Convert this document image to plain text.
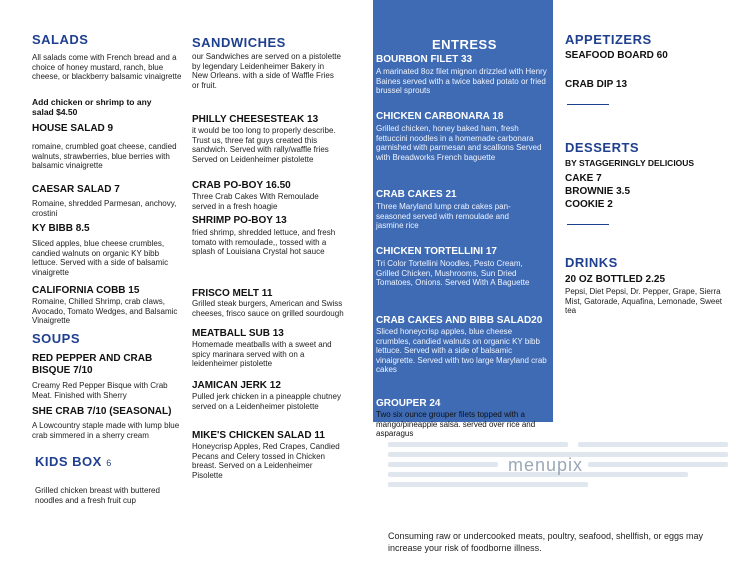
SALADS
All salads come with French bread and a choice of honey mustard, ranch, blue cheese, or blackberry balsamic vinaigrette
Add chicken or shrimp to any salad $4.50
HOUSE SALAD 9
romaine, crumbled goat cheese, candied walnuts, strawberries, blue berries with balsamic vinaigrette
CAESAR SALAD 7
Romaine, shredded Parmesan, anchovy, crostini
KY BIBB 8.5
Sliced apples, blue cheese crumbles, candied walnuts on organic KY bibb lettuce. Served with a side of balsamic vinaigrette
CALIFORNIA COBB 15
Romaine, Chilled Shrimp, crab claws, Avocado, Tomato Wedges, and Balsamic Vinaigrette
SOUPS
RED PEPPER AND CRAB BISQUE 7/10
Creamy Red Pepper Bisque with Crab Meat. Finished with Sherry
SHE CRAB 7/10 (SEASONAL)
A Lowcountry staple made with lump blue crab simmered in a sherry cream
KIDS BOX 6
Grilled chicken breast with buttered noodles and a fresh fruit cup
SANDWICHES
our Sandwiches are served on a pistolette by legendary Leidenheimer Bakery in New Orleans. with a side of Waffle Fries or fruit.
PHILLY CHEESESTEAK 13
it would be too long to properly describe. Trust us, three fat guys created this sandwich. Served with rally/waffle fries Served on Leidenheimer pistolette
CRAB PO-BOY 16.50
Three Crab Cakes With Remoulade served in a fresh hoagie
SHRIMP PO-BOY 13
fried shrimp, shredded lettuce, and fresh tomato with remoulade,, tossed with a splash of Louisiana Crystal hot sauce
FRISCO MELT 11
Grilled steak burgers, American and Swiss cheeses, frisco sauce on grilled sourdough
MEATBALL SUB 13
Homemade meatballs with a sweet and spicy marinara served with on a leidenheimer pistolette
JAMICAN JERK 12
Pulled jerk chicken in a pineapple chutney served on a Leidenheimer pistolette
MIKE'S CHICKEN SALAD 11
Honeycrisp Apples, Red Crapes, Candied Pecans and Celery tossed in Chicken breast. Served on a Leidenheimer Pisolette
ENTRESS
BOURBON FILET 33
A marinated 8oz filet mignon drizzled with Henry Baines served with a twice baked potato or fried brussel sprouts
CHICKEN CARBONARA 18
Grilled chicken, honey baked ham, fresh fettuccini noodles in a homemade carbonara garnished with parmesan and scallions Served with Breadworks French baguette
CRAB CAKES 21
Three Maryland lump crab cakes pan-seasoned served with remoulade and jasmine rice
CHICKEN TORTELLINI 17
Tri Color Tortellini Noodles, Pesto Cream, Grilled Chicken, Mushrooms, Sun Dried Tomatoes, Onions. Served With A Baguette
CRAB CAKES AND BIBB SALAD20
Sliced honeycrisp apples, blue cheese crumbles, candied walnuts on organic KY bibb lettuce. Served with a side of balsamic vinaigrette. Served with two large Maryland crab cakes
GROUPER 24
Two six ounce grouper filets topped with a mango/pineapple salsa. served over rice and asparagus
APPETIZERS
SEAFOOD BOARD 60
CRAB DIP 13
DESSERTS
BY STAGGERINGLY DELICIOUS
CAKE 7
BROWNIE 3.5
COOKIE 2
DRINKS
20 OZ BOTTLED 2.25
Pepsi, Diet Pepsi, Dr. Pepper, Grape, Sierra Mist, Gatorade, Aquafina, Lemonade, Sweet tea
menupix
Consuming raw or undercooked meats, poultry, seafood, shellfish, or eggs may increase your risk of foodborne illness.
